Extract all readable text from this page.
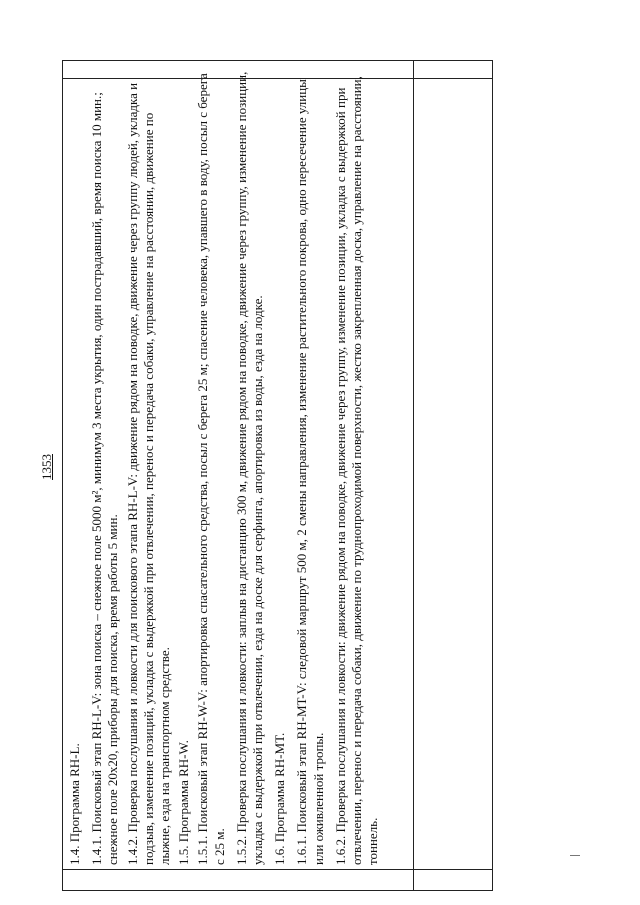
1353

1.4. Программа RH-L. 1.4.1. Поисковый этап RH-L-V: зона поиска – снежное поле 5000 м², минимум 3 места укрытия, один пострадавший, время поиска 10 мин.; снежное поле 20x20, приборы для поиска, время работы 5 мин. 1.4.2. Проверка послушания и ловкости для поискового этапа RH-L-V: движение рядом на поводке, движение через группу людей, укладка и подзыв, изменение позиций, укладка с выдержкой при отвлечении, перенос и передача собаки, управление на расстоянии, движение по лыжне, езда на транспортном средстве. 1.5. Программа RH-W. 1.5.1. Поисковый этап RH-W-V: апортировка спасательного средства, посыл с берега 25 м; спасение человека, упавшего в воду, посыл с берега с 25 м. 1.5.2. Проверка послушания и ловкости: заплыв на дистанцию 300 м, движение рядом на поводке, движение через группу, изменение позиции, укладка с выдержкой при отвлечении, езда на доске для серфинга, апортировка из воды, езда на лодке. 1.6. Программа RH-MT. 1.6.1. Поисковый этап RH-MT-V: следовой маршрут 500 м, 2 смены направления, изменение растительного покрова, одно пересечение улицы или оживленной тропы. 1.6.2. Проверка послушания и ловкости: движение рядом на поводке, движение через группу, изменение позиции, укладка с выдержкой при отвлечении, перенос и передача собаки, движение по труднопроходимой поверхности, жестко закрепленная доска, управление на расстоянии, тоннель.
